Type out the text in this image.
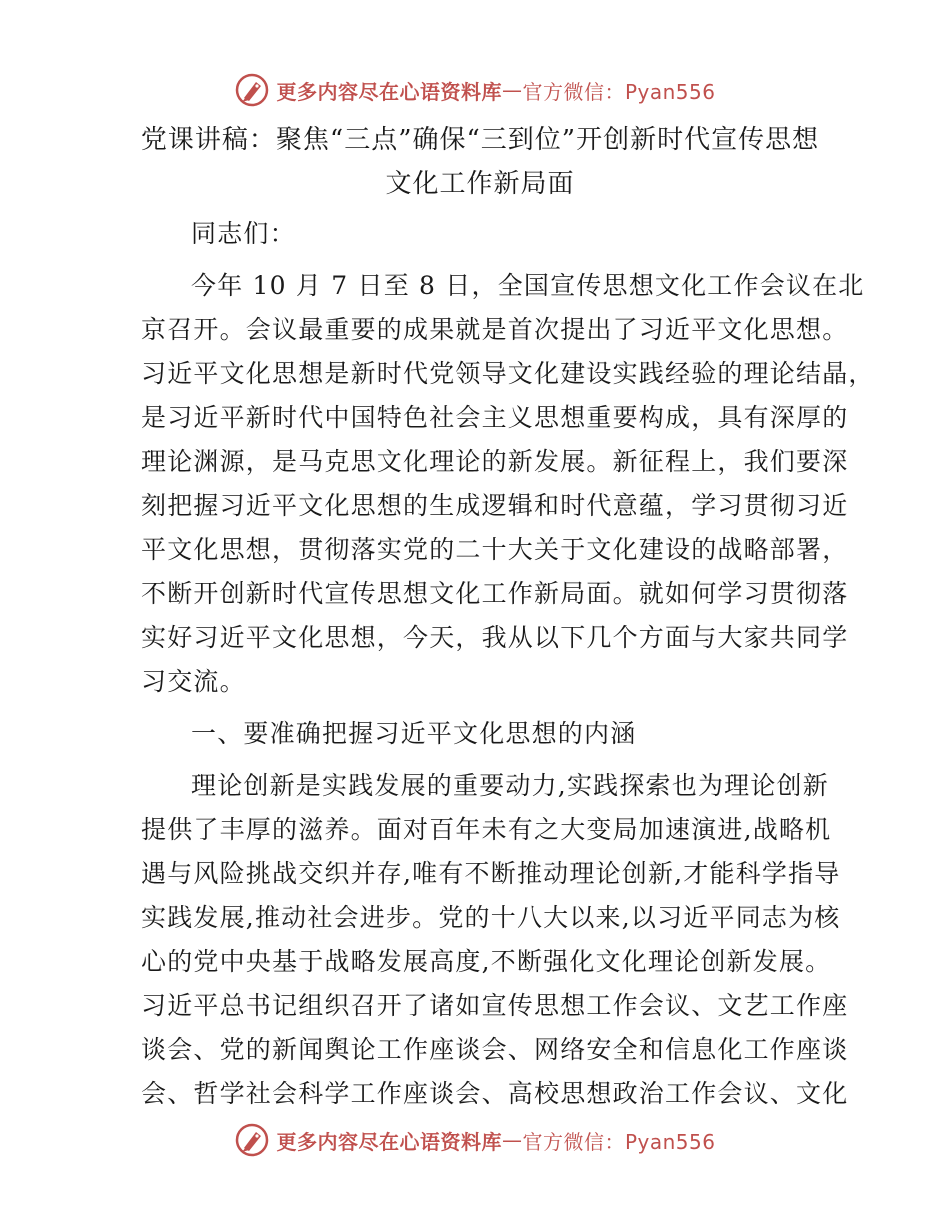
更多内容尽在心语资料库 — 官方微信：Pyan556
党课讲稿：聚焦“三点”确保“三到位”开创新时代宣传思想
文化工作新局面
同志们：
今年 10 月 7 日至 8 日，全国宣传思想文化工作会议在北
京召开。会议最重要的成果就是首次提出了习近平文化思想。
习近平文化思想是新时代党领导文化建设实践经验的理论结晶，
是习近平新时代中国特色社会主义思想重要构成，具有深厚的
理论渊源，是马克思文化理论的新发展。新征程上，我们要深
刻把握习近平文化思想的生成逻辑和时代意蕴，学习贯彻习近
平文化思想，贯彻落实党的二十大关于文化建设的战略部署，
不断开创新时代宣传思想文化工作新局面。就如何学习贯彻落
实好习近平文化思想，今天，我从以下几个方面与大家共同学
习交流。
一、要准确把握习近平文化思想的内涵
理论创新是实践发展的重要动力,实践探索也为理论创新
提供了丰厚的滋养。面对百年未有之大变局加速演进,战略机
遇与风险挑战交织并存,唯有不断推动理论创新,才能科学指导
实践发展,推动社会进步。党的十八大以来,以习近平同志为核
心的党中央基于战略发展高度,不断强化文化理论创新发展。
习近平总书记组织召开了诸如宣传思想工作会议、文艺工作座
谈会、党的新闻舆论工作座谈会、网络安全和信息化工作座谈
会、哲学社会科学工作座谈会、高校思想政治工作会议、文化
更多内容尽在心语资料库 — 官方微信：Pyan556
